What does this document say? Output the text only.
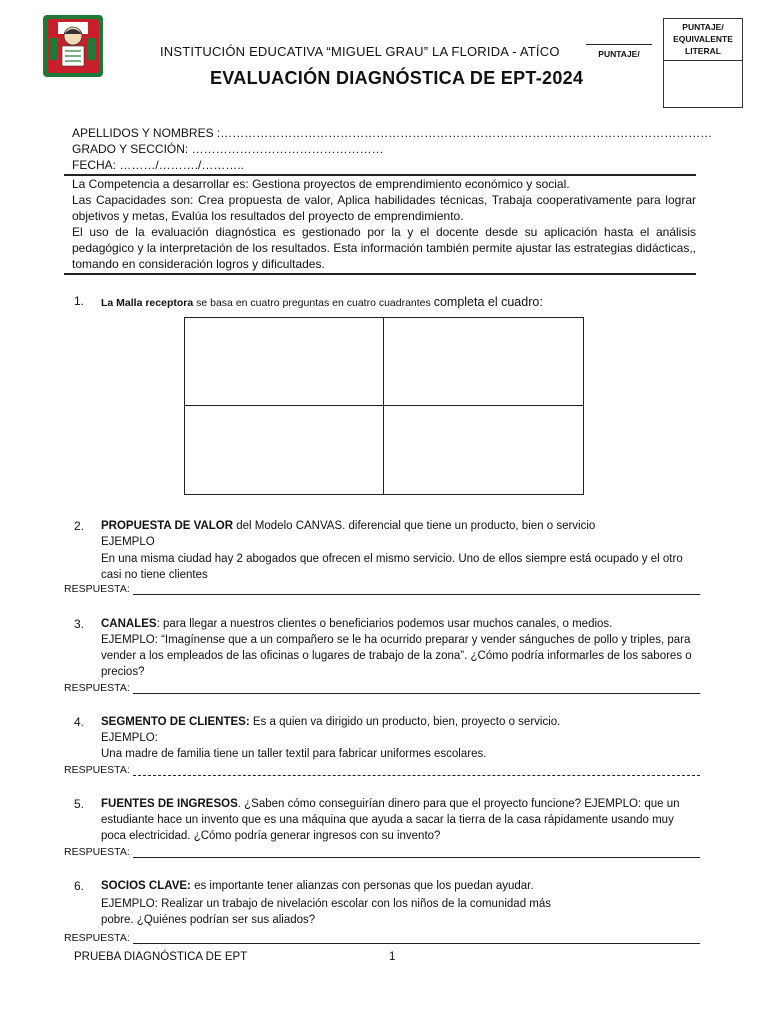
INSTITUCIÓN EDUCATIVA “MIGUEL GRAU” LA FLORIDA - ATÍCO
EVALUACIÓN DIAGNÓSTICA DE EPT-2024
PUNTAJE/
PUNTAJE/
EQUIVALENTE
LITERAL
APELLIDOS Y NOMBRES :……………………………………………………………………………………………………………
GRADO Y SECCIÓN: …………………………………………
FECHA: ………/………./………..

La Competencia a desarrollar es: Gestiona proyectos de emprendimiento económico y social.

Las Capacidades son: Crea propuesta de valor, Aplica habilidades técnicas, Trabaja cooperativamente para lograr objetivos y metas, Evalúa los resultados del proyecto de emprendimiento.

El uso de la evaluación diagnóstica es gestionado por la y el docente desde su aplicación hasta el análisis pedagógico y la interpretación de los resultados. Esta información también permite ajustar las estrategias didácticas,, tomando en consideración logros y dificultades.

1. La Malla receptora se basa en cuatro preguntas en cuatro cuadrantes completa el cuadro:
2. PROPUESTA DE VALOR del Modelo CANVAS. diferencial que tiene un producto, bien o servicio
EJEMPLO
En una misma ciudad hay 2 abogados que ofrecen el mismo servicio. Uno de ellos siempre está ocupado y el otro casi no tiene clientes
RESPUESTA:
3. CANALES: para llegar a nuestros clientes o beneficiarios podemos usar muchos canales, o medios.
EJEMPLO: “Imagínense que a un compañero se le ha ocurrido preparar y vender sánguches de pollo y triples, para vender a los empleados de las oficinas o lugares de trabajo de la zona”. ¿Cómo podría informarles de los sabores o precios?
RESPUESTA:
4. SEGMENTO DE CLIENTES: Es a quien va dirigido un producto, bien, proyecto o servicio.
EJEMPLO:
Una madre de familia tiene un taller textil para fabricar uniformes escolares.
RESPUESTA:
5. FUENTES DE INGRESOS. ¿Saben cómo conseguirían dinero para que el proyecto funcione? EJEMPLO: que un estudiante hace un invento que es una máquina que ayuda a sacar la tierra de la casa rápidamente usando muy poca electricidad. ¿Cómo podría generar ingresos con su invento?
RESPUESTA:
6. SOCIOS CLAVE: es importante tener alianzas con personas que los puedan ayudar.
EJEMPLO: Realizar un trabajo de nivelación escolar con los niños de la comunidad más pobre. ¿Quiénes podrían ser sus aliados?
RESPUESTA:
PRUEBA DIAGNÓSTICA DE EPT	1
